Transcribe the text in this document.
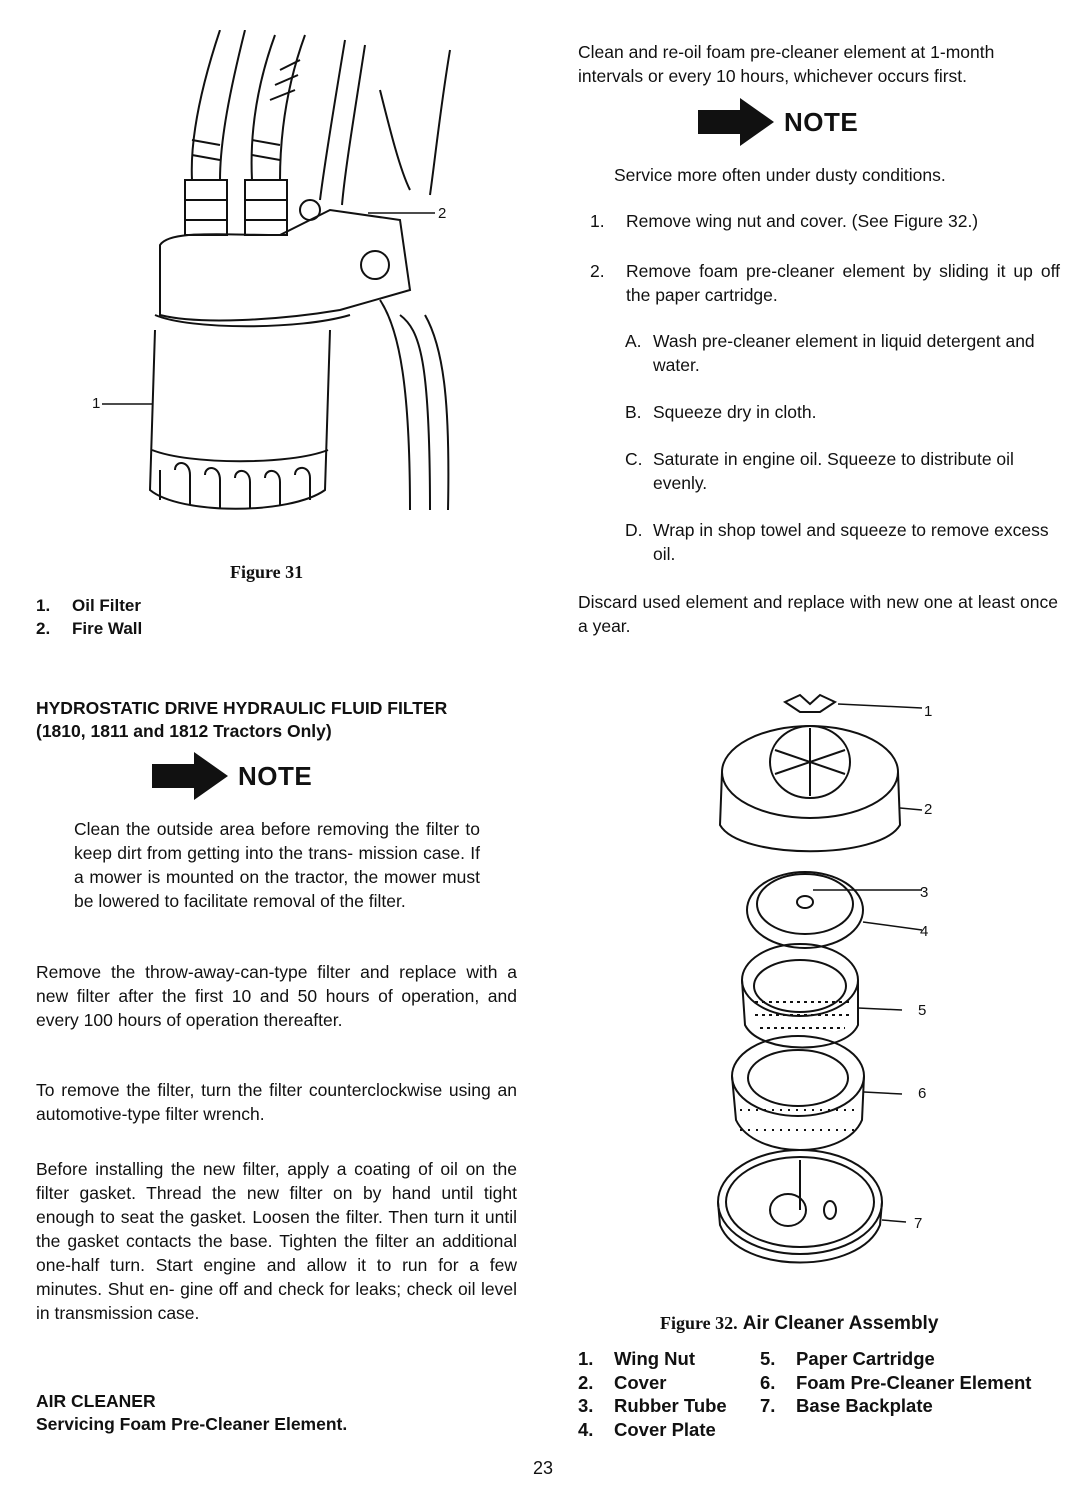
1
2
Figure 31
1.	Oil Filter
2.	Fire Wall
HYDROSTATIC DRIVE HYDRAULIC FLUID FILTER
(1810, 1811 and 1812 Tractors Only)
NOTE
Clean the outside area before removing the filter to keep dirt from getting into the trans- mission case. If a mower is mounted on the tractor, the mower must be lowered to facilitate removal of the filter.
Remove the throw-away-can-type filter and replace with a new filter after the first 10 and 50 hours of operation, and every 100 hours of operation thereafter.
To remove the filter, turn the filter counterclockwise using an automotive-type filter wrench.
Before installing the new filter, apply a coating of oil on the filter gasket. Thread the new filter on by hand until tight enough to seat the gasket. Loosen the filter. Then turn it until the gasket contacts the base. Tighten the filter an additional one-half turn. Start engine and allow it to run for a few minutes. Shut en- gine off and check for leaks; check oil level in transmission case.
AIR CLEANER
Servicing Foam Pre-Cleaner Element.
Clean and re-oil foam pre-cleaner element at 1-month intervals or every 10 hours, whichever occurs first.
NOTE
Service more often under dusty conditions.
1.	Remove wing nut and cover. (See Figure 32.)
2.	Remove foam pre-cleaner element by sliding it up off the paper cartridge.
A. Wash pre-cleaner element in liquid detergent and water.
B. Squeeze dry in cloth.
C. Saturate in engine oil. Squeeze to distribute oil evenly.
D. Wrap in shop towel and squeeze to remove excess oil.
Discard used element and replace with new one at least once a year.
1
2
3
4
5
6
7
Figure 32. Air Cleaner Assembly
1.	Wing Nut
2.	Cover
3.	Rubber Tube
4.	Cover Plate
5.	Paper Cartridge
6.	Foam Pre-Cleaner Element
7.	Base Backplate
23
